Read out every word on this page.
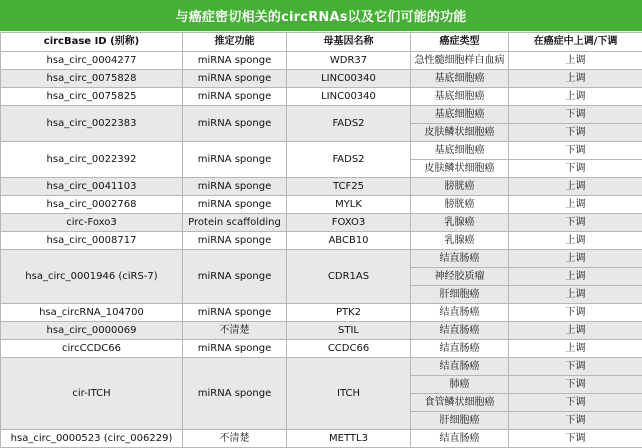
与癌症密切相关的circRNAs以及它们可能的功能
circBase ID (别称)	推定功能	母基因名称	癌症类型	在癌症中上调/下调
hsa_circ_0004277	miRNA sponge	WDR37	急性髓细胞样白血病	上调
hsa_circ_0075828	miRNA sponge	LINC00340	基底细胞癌	上调
hsa_circ_0075825	miRNA sponge	LINC00340	基底细胞癌	上调
hsa_circ_0022383	miRNA sponge	FADS2	基底细胞癌	下调
			皮肤鳞状细胞癌	下调
hsa_circ_0022392	miRNA sponge	FADS2	基底细胞癌	下调
			皮肤鳞状细胞癌	下调
hsa_circ_0041103	miRNA sponge	TCF25	膀胱癌	上调
hsa_circ_0002768	miRNA sponge	MYLK	膀胱癌	上调
circ-Foxo3	Protein scaffolding	FOXO3	乳腺癌	下调
hsa_circ_0008717	miRNA sponge	ABCB10	乳腺癌	上调
hsa_circ_0001946 (ciRS-7)	miRNA sponge	CDR1AS	结直肠癌	上调
			神经胶质瘤	上调
			肝细胞癌	上调
hsa_circRNA_104700	miRNA sponge	PTK2	结直肠癌	下调
hsa_circ_0000069	不清楚	STIL	结直肠癌	上调
circCCDC66	miRNA sponge	CCDC66	结直肠癌	上调
cir-ITCH	miRNA sponge	ITCH	结直肠癌	下调
			肺癌	下调
			食管鳞状细胞癌	下调
			肝细胞癌	下调
hsa_circ_0000523 (circ_006229)	不清楚	METTL3	结直肠癌	下调
